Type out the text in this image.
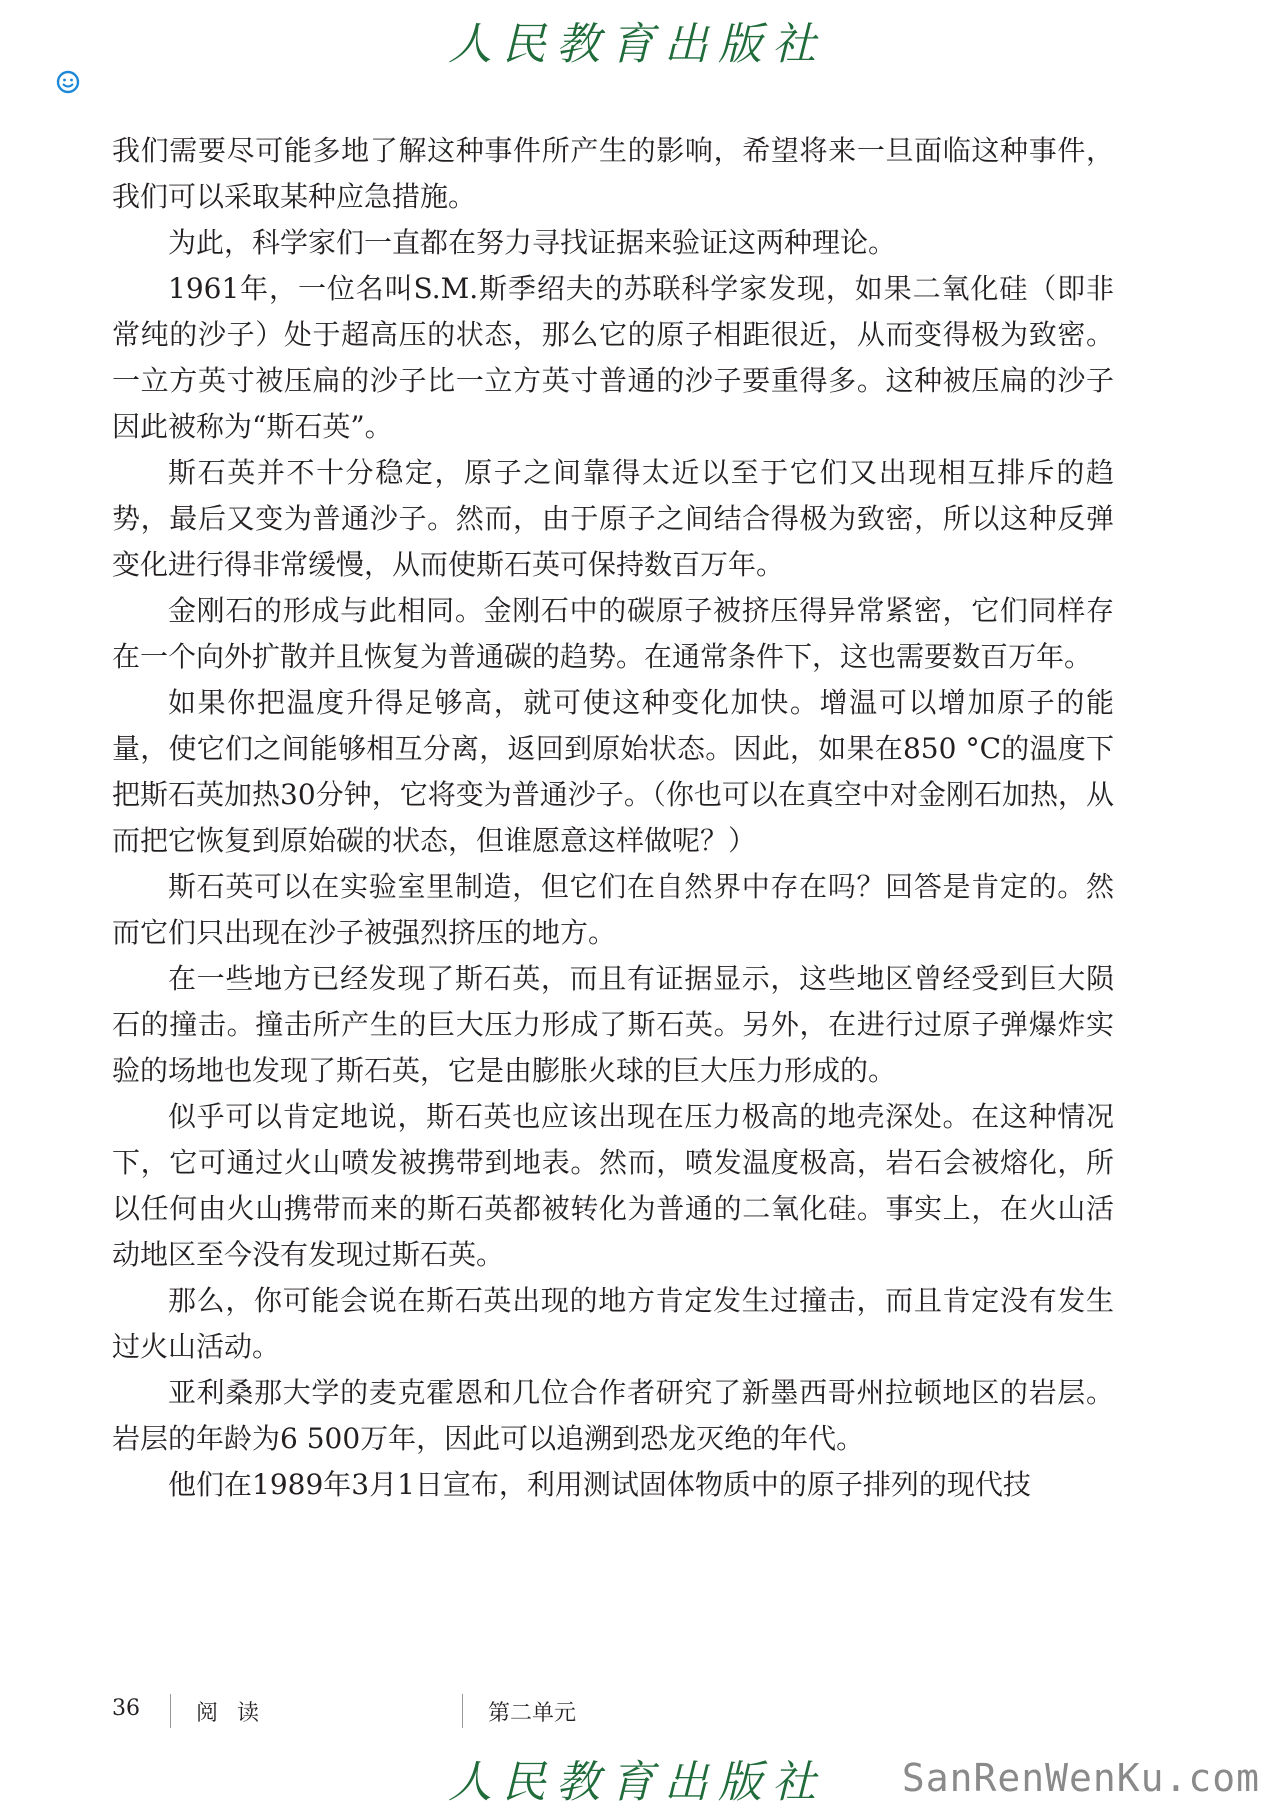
人民教育出版社

我们需要尽可能多地了解这种事件所产生的影响，希望将来一旦面临这种事件，我们可以采取某种应急措施。

为此，科学家们一直都在努力寻找证据来验证这两种理论。

1961年，一位名叫S.M.斯季绍夫的苏联科学家发现，如果二氧化硅（即非常纯的沙子）处于超高压的状态，那么它的原子相距很近，从而变得极为致密。一立方英寸被压扁的沙子比一立方英寸普通的沙子要重得多。这种被压扁的沙子因此被称为“斯石英”。

斯石英并不十分稳定，原子之间靠得太近以至于它们又出现相互排斥的趋势，最后又变为普通沙子。然而，由于原子之间结合得极为致密，所以这种反弹变化进行得非常缓慢，从而使斯石英可保持数百万年。

金刚石的形成与此相同。金刚石中的碳原子被挤压得异常紧密，它们同样存在一个向外扩散并且恢复为普通碳的趋势。在通常条件下，这也需要数百万年。

如果你把温度升得足够高，就可使这种变化加快。增温可以增加原子的能量，使它们之间能够相互分离，返回到原始状态。因此，如果在850 °C的温度下把斯石英加热30分钟，它将变为普通沙子。（你也可以在真空中对金刚石加热，从而把它恢复到原始碳的状态，但谁愿意这样做呢？）

斯石英可以在实验室里制造，但它们在自然界中存在吗？回答是肯定的。然而它们只出现在沙子被强烈挤压的地方。

在一些地方已经发现了斯石英，而且有证据显示，这些地区曾经受到巨大陨石的撞击。撞击所产生的巨大压力形成了斯石英。另外，在进行过原子弹爆炸实验的场地也发现了斯石英，它是由膨胀火球的巨大压力形成的。

似乎可以肯定地说，斯石英也应该出现在压力极高的地壳深处。在这种情况下，它可通过火山喷发被携带到地表。然而，喷发温度极高，岩石会被熔化，所以任何由火山携带而来的斯石英都被转化为普通的二氧化硅。事实上，在火山活动地区至今没有发现过斯石英。

那么，你可能会说在斯石英出现的地方肯定发生过撞击，而且肯定没有发生过火山活动。

亚利桑那大学的麦克霍恩和几位合作者研究了新墨西哥州拉顿地区的岩层。岩层的年龄为6 500万年，因此可以追溯到恐龙灭绝的年代。

他们在1989年3月1日宣布，利用测试固体物质中的原子排列的现代技

36	阅 读	第二单元
人民教育出版社	SanRenWenKu.com
